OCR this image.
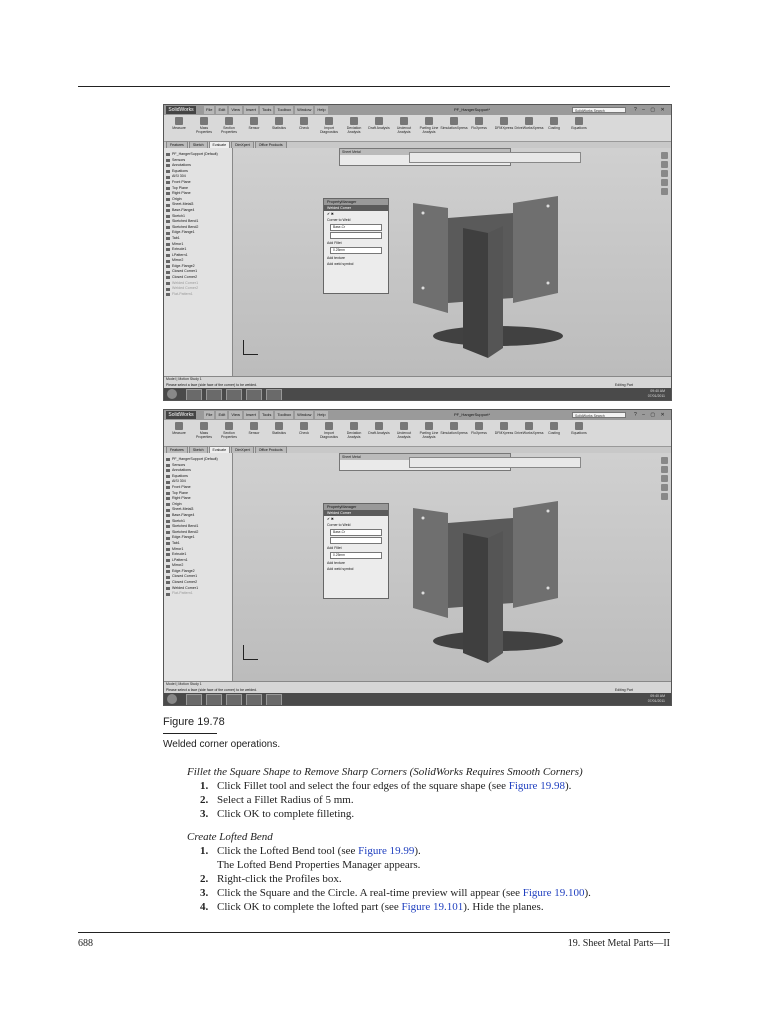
SolidWorks	File	Edit	View	Insert	Tools	Toolbox	Window	Help	PF_HangerSupport*	SolidWorks Search	? – ▢ ✕
Measure	Mass Properties
Section Properties
Sensor	Statistics	Check	Import Diagnostics
Deviation Analysis
Draft Analysis	Undercut Analysis
Parting Line Analysis
SimulationXpress FloXpress DFMXpress DriveWorksXpress Costing	Equations
Features	Sketch	Evaluate	DimXpert	Office Products
PF_HangerSupport (Default)
Sensors
Annotations
Equations
AISI 304
Front Plane
Top Plane
Right Plane
Origin
Sheet-Metal3
Base-Flange4
Sketch1
Sketched Bend1
Sketched Bend2
Edge-Flange1
Tab1
Mirror1
Extrude1
LPattern1
Mirror2
Edge-Flange2
Closed Corner1
Closed Corner2
Welded Corner1
Welded Corner2
Flat-Pattern1
Sheet Metal
PropertyManager
Welded Corner
✔ ✖
Corner to Weld
Base-Cr
Add Fillet
0.25mm
Add texture
Add weld symbol
Model | Motion Study 1
Please select a face (side face of the corner) to be welded.	Editing Part
09:40 AM
07/01/2011
SolidWorks	File	Edit	View	Insert	Tools	Toolbox	Window	Help	PF_HangerSupport*	SolidWorks Search	? – ▢ ✕
Measure	Mass Properties
Section Properties
Sensor	Statistics	Check	Import Diagnostics
Deviation Analysis
Draft Analysis	Undercut Analysis
Parting Line Analysis
SimulationXpress FloXpress DFMXpress DriveWorksXpress Costing	Equations
Features	Sketch	Evaluate	DimXpert	Office Products
PF_HangerSupport (Default)
Sensors
Annotations
Equations
AISI 304
Front Plane
Top Plane
Right Plane
Origin
Sheet-Metal3
Base-Flange4
Sketch1
Sketched Bend1
Sketched Bend2
Edge-Flange1
Tab1
Mirror1
Extrude1
LPattern1
Mirror2
Edge-Flange2
Closed Corner1
Closed Corner2
Welded Corner1
Flat-Pattern1
Sheet Metal
PropertyManager
Welded Corner
✔ ✖
Corner to Weld
Base-Cr
Add Fillet
0.25mm
Add texture
Add weld symbol
Model | Motion Study 1
Please select a face (side face of the corner) to be welded.	Editing Part
09:40 AM
07/01/2011
Figure 19.78
Welded corner operations.
Fillet the Square Shape to Remove Sharp Corners (SolidWorks Requires Smooth Corners)
1. Click Fillet tool and select the four edges of the square shape (see Figure 19.98).
2. Select a Fillet Radius of 5 mm.
3. Click OK to complete filleting.
Create Lofted Bend
1. Click the Lofted Bend tool (see Figure 19.99).
The Lofted Bend Properties Manager appears.
2. Right-click the Profiles box.
3. Click the Square and the Circle. A real-time preview will appear (see Figure 19.100).
4. Click OK to complete the lofted part (see Figure 19.101). Hide the planes.
688	19. Sheet Metal Parts—II
